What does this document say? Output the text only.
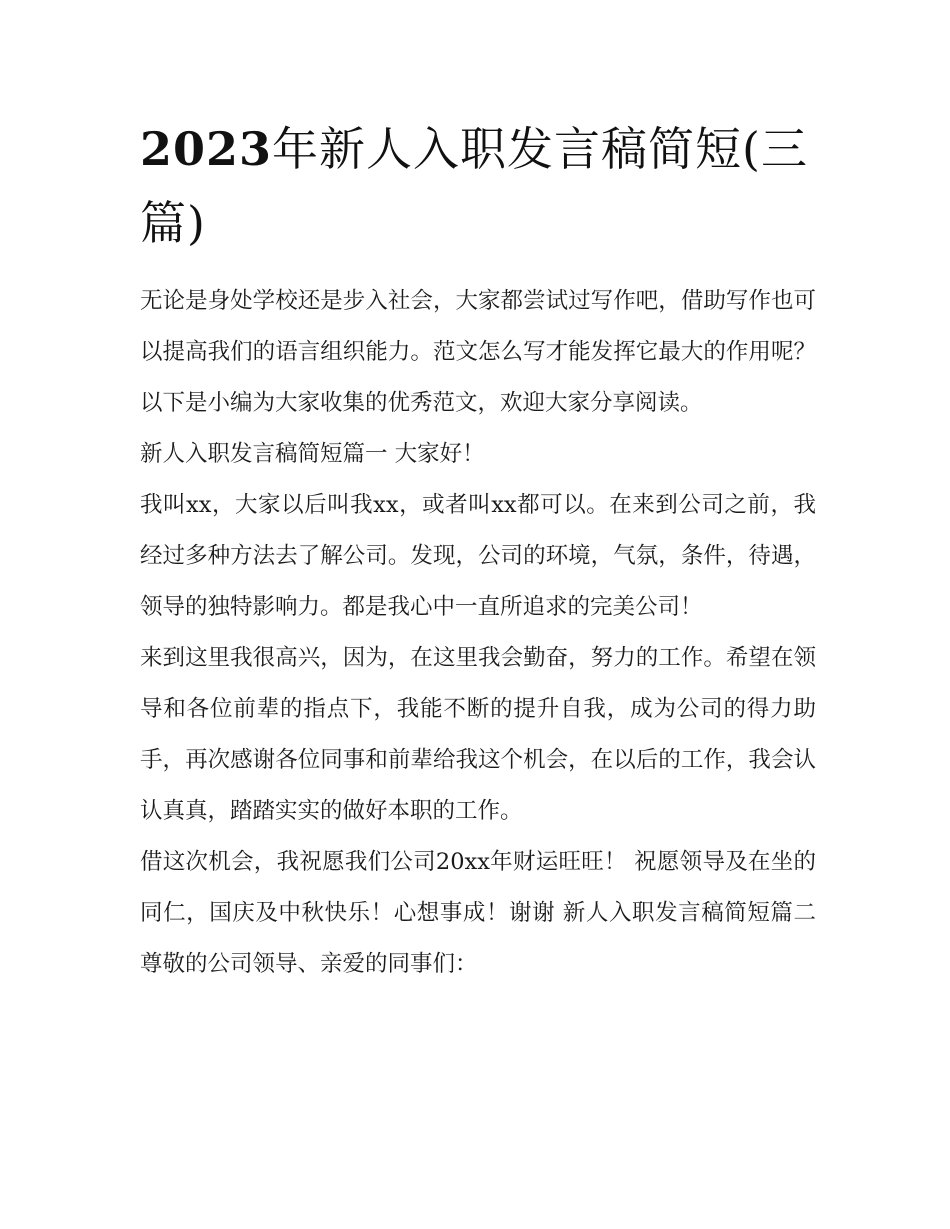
2023年新人入职发言稿简短(三篇)

无论是身处学校还是步入社会，大家都尝试过写作吧，借助写作也可以提高我们的语言组织能力。范文怎么写才能发挥它最大的作用呢？以下是小编为大家收集的优秀范文，欢迎大家分享阅读。

新人入职发言稿简短篇一 大家好！

我叫xx，大家以后叫我xx，或者叫xx都可以。在来到公司之前，我经过多种方法去了解公司。发现，公司的环境，气氛，条件，待遇，领导的独特影响力。都是我心中一直所追求的完美公司！

来到这里我很高兴，因为，在这里我会勤奋，努力的工作。希望在领导和各位前辈的指点下，我能不断的提升自我，成为公司的得力助手，再次感谢各位同事和前辈给我这个机会，在以后的工作，我会认认真真，踏踏实实的做好本职的工作。

借这次机会，我祝愿我们公司20xx年财运旺旺！ 祝愿领导及在坐的同仁，国庆及中秋快乐！心想事成！谢谢 新人入职发言稿简短篇二 尊敬的公司领导、亲爱的同事们：
